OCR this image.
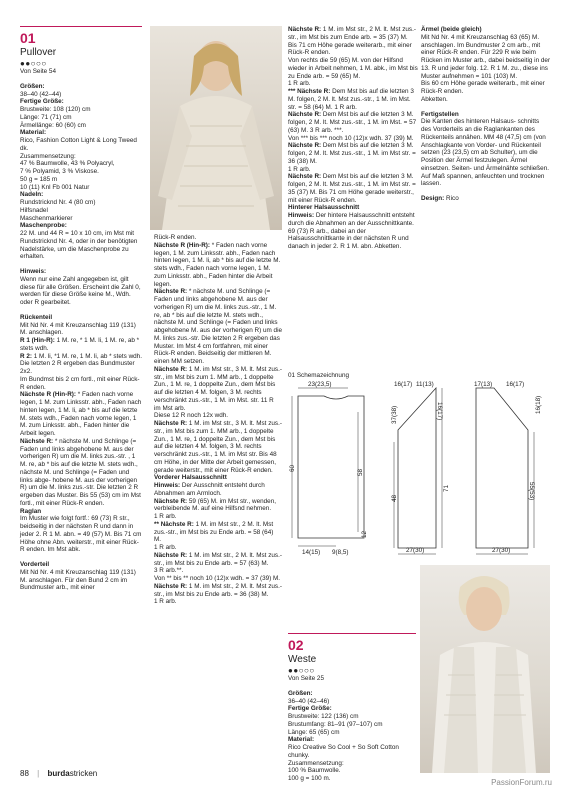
01
Pullover
●●○○○

Von Seite 54

Größen:

38–40 (42–44)

Fertige Größe:

Brustweite: 108 (120) cm
Länge: 71 (71) cm
Ärmellänge: 60 (60) cm

Material:

Rico, Fashion Cotton Light & Long Tweed dk.
Zusammensetzung:
47 % Baumwolle, 43 % Polyacryl,
7 % Polyamid, 3 % Viskose.
50 g = 185 m
10 (11) Knl Fb 001 Natur

Nadeln:

Rundstricknd Nr. 4 (80 cm)
Hilfsnadel
Maschenmarkierer

Maschenprobe:

22 M. und 44 R = 10 x 10 cm, im Mst mit Rundstricknd Nr. 4, oder in der benötigten Nadelstärke, um die Maschenprobe zu erhalten.

Hinweis:

Wenn nur eine Zahl angegeben ist, gilt diese für alle Größen. Erscheint die Zahl 0, werden für diese Größe keine M., Wdh. oder R gearbeitet.

Rückenteil

Mit Nd Nr. 4 mit Kreuzanschlag 119 (131) M. anschlagen.

R 1 (Hin-R): 1 M. re, * 1 M. li, 1 M. re, ab * stets wdh.

R 2: 1 M. li, *1 M. re, 1 M. li, ab * stets wdh. Die letzten 2 R ergeben das Bundmuster 2x2.
Im Bundmst bis 2 cm fortl., mit einer Rück-R enden.

Nächste R (Hin-R): * Faden nach vorne legen, 1 M. zum Linksstr. abh., Faden nach hinten legen, 1 M. li, ab * bis auf die letzte M. stets wdh., Faden nach vorne legen, 1 M. zum Linksstr. abh., Faden hinter die Arbeit legen.

Nächste R: * nächste M. und Schlinge (= Faden und links abgehobene M. aus der vorherigen R) um die M. links zus.-str. , 1 M. re, ab * bis auf die letzte M. stets wdh., nächste M. und Schlinge (= Faden und links abge- hobene M. aus der vorherigen R) um die M. links zus.-str. Die letzten 2 R ergeben das Muster. Bis 55 (53) cm im Mst fortl., mit einer Rück-R enden.

Raglan

Im Muster wie folgt fortf.: 69 (73) R str., beidseitig in der nächsten R und dann in jeder 2. R 1 M. abn. = 49 (57) M. Bis 71 cm Höhe ohne Abn. weiterstr., mit einer Rück-R enden. Im Mst abk.

Vorderteil

Mit Nd Nr. 4 mit Kreuzanschlag 119 (131) M. anschlagen. Für den Bund 2 cm im Bundmuster arb., mit einer

Rück-R enden.

Nächste R (Hin-R): * Faden nach vorne legen, 1 M. zum Linksstr. abh., Faden nach hinten legen, 1 M. li, ab * bis auf die letzte M. stets wdh., Faden nach vorne legen, 1 M. zum Linksstr. abh., Faden hinter die Arbeit legen.

Nächste R: * nächste M. und Schlinge (= Faden und links abgehobene M. aus der vorherigen R) um die M. links zus.-str., 1 M. re, ab * bis auf die letzte M. stets wdh., nächste M. und Schlinge (= Faden und links abgehobene M. aus der vorherigen R) um die M. links zus.-str. Die letzten 2 R ergeben das Muster. Im Mst 4 cm fortfahren, mit einer Rück-R enden. Beidseitig der mittleren M. einen MM setzen.

Nächste R: 1 M. im Mst str., 3 M. lt. Mst zus.-str., im Mst bis zum 1. MM arb., 1 doppelte Zun., 1 M. re, 1 doppelte Zun., dem Mst bis auf die letzten 4 M. folgen, 3 M. rechts verschränkt zus.-str., 1 M. im Mst. str. 11 R im Mst arb.
Diese 12 R noch 12x wdh.

Nächste R: 1 M. im Mst str., 3 M. lt. Mst zus.-str., im Mst bis zum 1. MM arb., 1 doppelte Zun., 1 M. re, 1 doppelte Zun., dem Mst bis auf die letzten 4 M. folgen, 3 M. rechts verschränkt zus.-str., 1 M. im Mst str. Bis 48 cm Höhe, in der Mitte der Arbeit gemessen, gerade weiterstr., mit einer Rück-R enden.

Vorderer Halsausschnitt

Hinweis: Der Ausschnitt entsteht durch Abnahmen am Armloch.

Nächste R: 59 (65) M. im Mst str., wenden, verbleibende M. auf eine Hilfsnd nehmen.
1 R arb.

** Nächste R: 1 M. im Mst str., 2 M. lt. Mst zus.-str., im Mst bis zu Ende arb. = 58 (64) M.
1 R arb.

Nächste R: 1 M. im Mst str., 2 M. lt. Mst zus.-str., im Mst bis zu Ende arb. = 57 (63) M.
3 R arb.**.
Von ** bis ** noch 10 (12)x wdh. = 37 (39) M.

Nächste R: 1 M. im Mst str., 2 M. lt. Mst zus.-str., im Mst bis zu Ende arb. = 36 (38) M.
1 R arb.

Nächste R: 1 M. im Mst str., 2 M. lt. Mst zus.-str., im Mst bis zum Ende arb. = 35 (37) M.
Bis 71 cm Höhe gerade weiterarb., mit einer Rück-R enden.
Von rechts die 59 (65) M. von der Hilfsnd wieder in Arbeit nehmen, 1 M. abk., im Mst bis zu Ende arb. = 59 (65) M.
1 R arb.

*** Nächste R: Dem Mst bis auf die letzten 3 M. folgen, 2 M. lt. Mst zus.-str., 1 M. im Mst. str. = 58 (64) M. 1 R arb.

Nächste R: Dem Mst bis auf die letzten 3 M. folgen, 2 M. lt. Mst zus.-str., 1 M. im Mst. = 57 (63) M. 3 R arb. ***.
Von *** bis *** noch 10 (12)x wdh. 37 (39) M.

Nächste R: Dem Mst bis auf die letzten 3 M. folgen, 2 M. lt. Mst zus.-str., 1 M. im Mst str. = 36 (38) M.
1 R arb.

Nächste R: Dem Mst bis auf die letzten 3 M. folgen, 2 M. lt. Mst zus.-str., 1 M. im Mst str. = 35 (37) M. Bis 71 cm Höhe gerade weiterstr., mit einer Rück-R enden.

Hinterer Halsausschnitt

Hinweis: Der hintere Halsausschnitt entsteht durch die Abnahmen an der Ausschnittkante. 69 (73) R arb., dabei an der Halsausschnittkante in der nächsten R und danach in jeder 2. R 1 M. abn. Abketten.

Ärmel (beide gleich)

Mit Nd Nr. 4 mit Kreuzanschlag 63 (65) M. anschlagen. Im Bundmuster 2 cm arb., mit einer Rück-R enden. Für 229 R wie beim Rücken im Muster arb., dabei beidseitig in der 13. R und jeder folg. 12. R 1 M. zu., diese ins Muster aufnehmen = 101 (103) M.
Bis 60 cm Höhe gerade weiterarb., mit einer Rück-R enden.
Abketten.

Fertigstellen

Die Kanten des hinteren Halsaus- schnitts des Vorderteils an die Raglankanten des Rückenteils annähen. MM 48 (47,5) cm (von Anschlagkante von Vorder- und Rückenteil setzen (23 (23,5) cm ab Schulter), um die Position der Ärmel festzulegen. Ärmel einsetzen. Seiten- und Ärmelnähte schließen. Auf Maß spannen, anfeuchten und trocknen lassen.

Design: Rico

01 Schemazeichnung
23(23,5)
60
58
14(15) 9(8,5)
12
16(17) 11(13)
37(38)	16(17)
48
71
27(30)
17(13) 16(17)
16(18)
55(53)
27(30)
02
Weste
●●○○○

Von Seite 25

Größen:

36–40 (42–46)

Fertige Größe:

Brustweite: 122 (136) cm
Brustumfang: 81–91 (97–107) cm
Länge: 65 (65) cm

Material:

Rico Creative So Cool + So Soft Cotton chunky.
Zusammensetzung:
100 % Baumwolle.
100 g = 100 m.

88 | burdastricken
PassionForum.ru
